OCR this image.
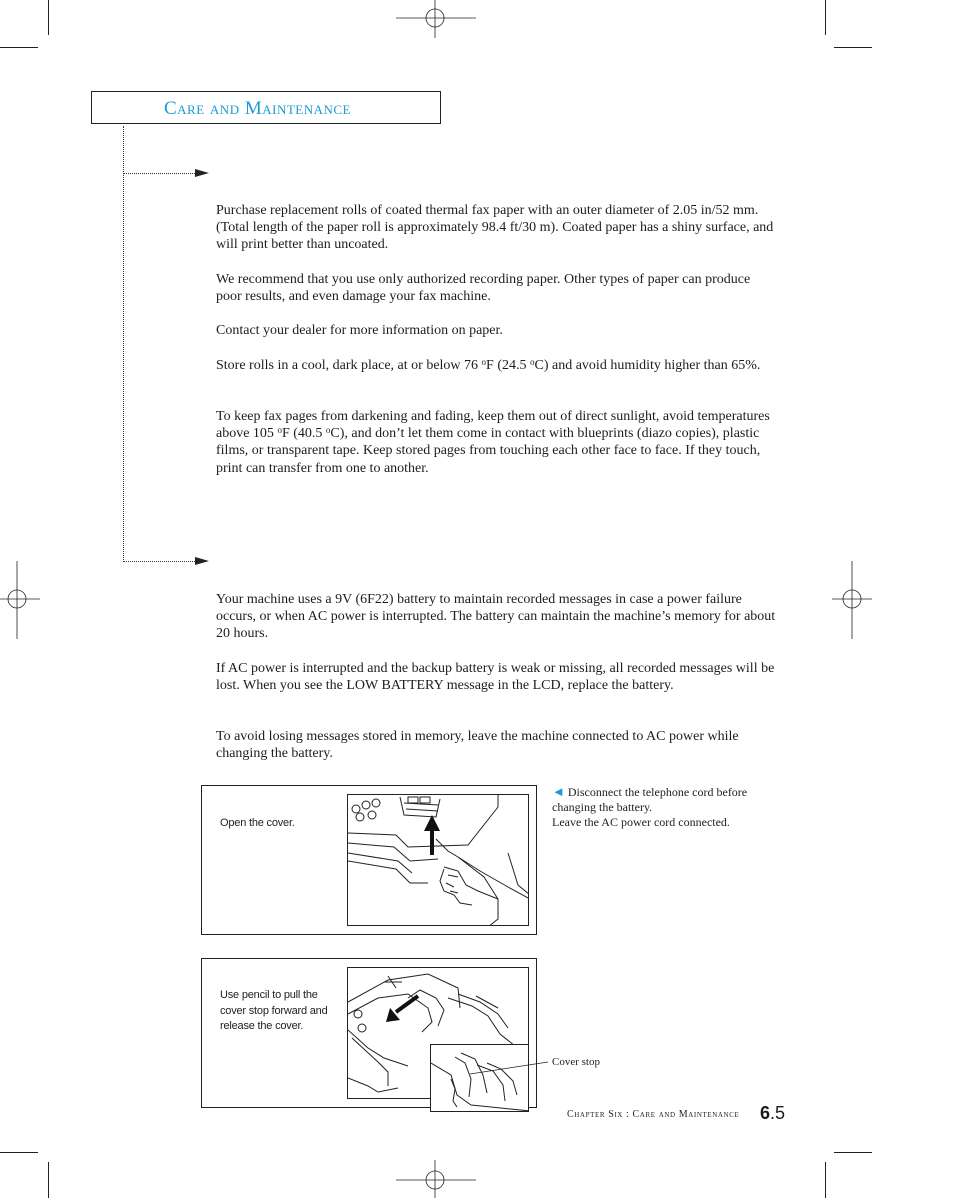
Care and Maintenance

Purchase replacement rolls of coated thermal fax paper with an outer diameter of 2.05 in/52 mm. (Total length of the paper roll is approximately 98.4 ft/30 m). Coated paper has a shiny surface, and will print better than uncoated.

We recommend that you use only authorized recording paper. Other types of paper can produce poor results, and even damage your fax machine.

Contact your dealer for more information on paper.

Store rolls in a cool, dark place, at or below 76 $^o$F (24.5 $^o$C) and avoid humidity higher than 65%.

To keep fax pages from darkening and fading, keep them out of direct sunlight, avoid temperatures above 105 $^o$F (40.5 $^o$C), and don’t let them come in contact with blueprints (diazo copies), plastic films, or transparent tape. Keep stored pages from touching each other face to face. If they touch, print can transfer from one to another.

Your machine uses a 9V (6F22) battery to maintain recorded messages in case a power failure occurs, or when AC power is interrupted. The battery can maintain the machine’s memory for about 20 hours.

If AC power is interrupted and the backup battery is weak or missing, all recorded messages will be lost. When you see the LOW BATTERY message in the LCD, replace the battery.

To avoid losing messages stored in memory, leave the machine connected to AC power while changing the battery.

Open the cover.
◄ Disconnect the telephone cord before changing the battery.
Leave the AC power cord connected.
Use pencil to pull the cover stop forward and release the cover.
Cover stop
Chapter Six : Care and Maintenance 6.5
